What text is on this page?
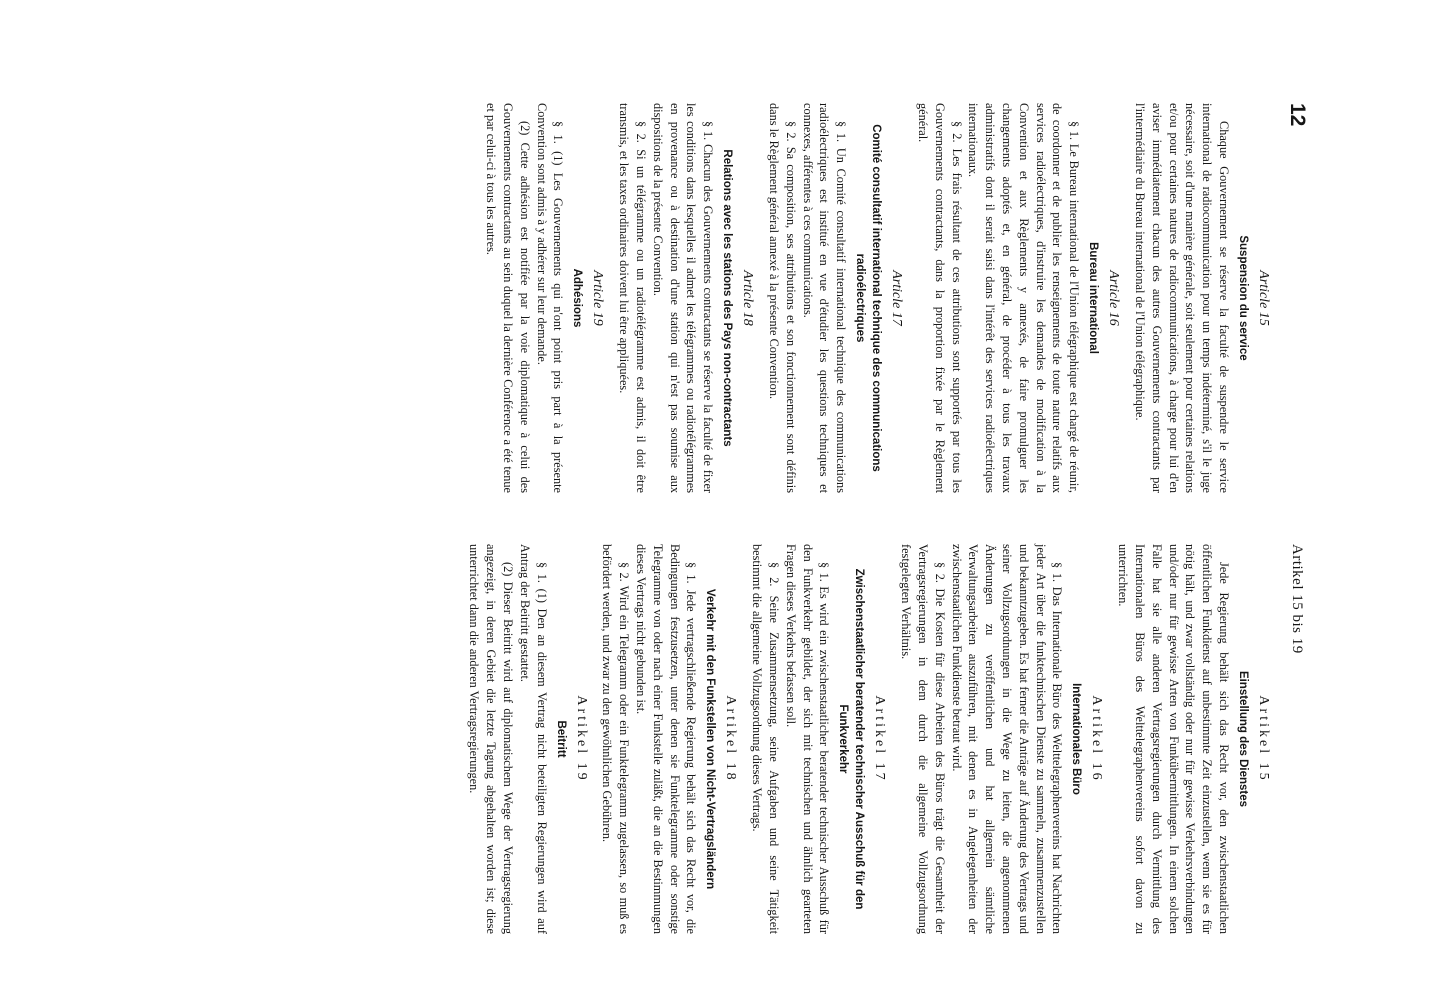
12
Artikel 15 bis 19
Article 15
Suspension du service

Chaque Gouvernement se réserve la faculté de suspendre le service international de radiocommunication pour un temps indéterminé, s'il le juge nécessaire, soit d'une manière générale, soit seulement pour certaines relations et/ou pour certaines natures de radiocommunications, à charge pour lui d'en aviser immédiatement chacun des autres Gouvernements contractants par l'intermédiaire du Bureau international de l'Union télégraphique.

Article 16
Bureau international

§ 1. Le Bureau international de l'Union télégraphique est chargé de réunir, de coordonner et de publier les renseignements de toute nature relatifs aux services radioélectriques, d'instruire les demandes de modification à la Convention et aux Règlements y annexés, de faire promulguer les changements adoptés et, en général, de procéder à tous les travaux administratifs dont il serait saisi dans l'intérêt des services radioélectriques internationaux.

§ 2. Les frais résultant de ces attributions sont supportés par tous les Gouvernements contractants, dans la proportion fixée par le Règlement général.

Article 17
Comité consultatif international technique des communications radioélectriques

§ 1. Un Comité consultatif international technique des communications radioélectriques est institué en vue d'étudier les questions techniques et connexes, afférentes à ces communications.

§ 2. Sa composition, ses attributions et son fonctionnement sont définis dans le Règlement général annexé à la présente Convention.

Article 18
Relations avec les stations des Pays non-contractants

§ 1. Chacun des Gouvernements contractants se réserve la faculté de fixer les conditions dans lesquelles il admet les télégrammes ou radiotélégrammes en provenance ou à destination d'une station qui n'est pas soumise aux dispositions de la présente Convention.

§ 2. Si un télégramme ou un radiotélégramme est admis, il doit être transmis, et les taxes ordinaires doivent lui être appliquées.

Article 19
Adhésions

§ 1. (1) Les Gouvernements qui n'ont point pris part à la présente Convention sont admis à y adhérer sur leur demande.

(2) Cette adhésion est notifiée par la voie diplomatique à celui des Gouvernements contractants au sein duquel la dernière Conférence a été tenue et par celui-ci à tous les autres.

Artikel 15
Einstellung des Dienstes

Jede Regierung behält sich das Recht vor, den zwischenstaatlichen öffentlichen Funkdienst auf unbestimmte Zeit einzustellen, wenn sie es für nötig hält, und zwar vollständig oder nur für gewisse Verkehrsverbindungen und/oder nur für gewisse Arten von Funkübermittlungen. In einem solchen Falle hat sie alle anderen Vertragsregierungen durch Vermittlung des Internationalen Büros des Welttelegraphenvereins sofort davon zu unterrichten.

Artikel 16
Internationales Büro

§ 1. Das Internationale Büro des Welttelegraphenvereins hat Nachrichten jeder Art über die funktechnischen Dienste zu sammeln, zusammenzustellen und bekanntzugeben. Es hat ferner die Anträge auf Änderung des Vertrags und seiner Vollzugsordnungen in die Wege zu leiten, die angenommenen Änderungen zu veröffentlichen und hat allgemein sämtliche Verwaltungsarbeiten auszuführen, mit denen es in Angelegenheiten der zwischenstaatlichen Funkdienste betraut wird.

§ 2. Die Kosten für diese Arbeiten des Büros trägt die Gesamtheit der Vertragsregierungen in dem durch die allgemeine Vollzugsordnung festgelegten Verhältnis.

Artikel 17
Zwischenstaatlicher beratender technischer Ausschuß für den Funkverkehr

§ 1. Es wird ein zwischenstaatlicher beratender technischer Ausschuß für den Funkverkehr gebildet, der sich mit technischen und ähnlich gearteten Fragen dieses Verkehrs befassen soll.

§ 2. Seine Zusammensetzung, seine Aufgaben und seine Tätigkeit bestimmt die allgemeine Vollzugsordnung dieses Vertrags.

Artikel 18
Verkehr mit den Funkstellen von Nicht-Vertragsländern

§ 1. Jede vertragschließende Regierung behält sich das Recht vor, die Bedingungen festzusetzen, unter denen sie Funktelegramme oder sonstige Telegramme von oder nach einer Funkstelle zuläßt, die an die Bestimmungen dieses Vertrags nicht gebunden ist.

§ 2. Wird ein Telegramm oder ein Funktelegramm zugelassen, so muß es befördert werden, und zwar zu den gewöhnlichen Gebühren.

Artikel 19
Beitritt

§ 1. (1) Den an diesem Vertrag nicht beteiligten Regierungen wird auf Antrag der Beitritt gestattet.

(2) Dieser Beitritt wird auf diplomatischem Wege der Vertragsregierung angezeigt, in deren Gebiet die letzte Tagung abgehalten worden ist; diese unterrichtet dann die anderen Vertragsregierungen.
